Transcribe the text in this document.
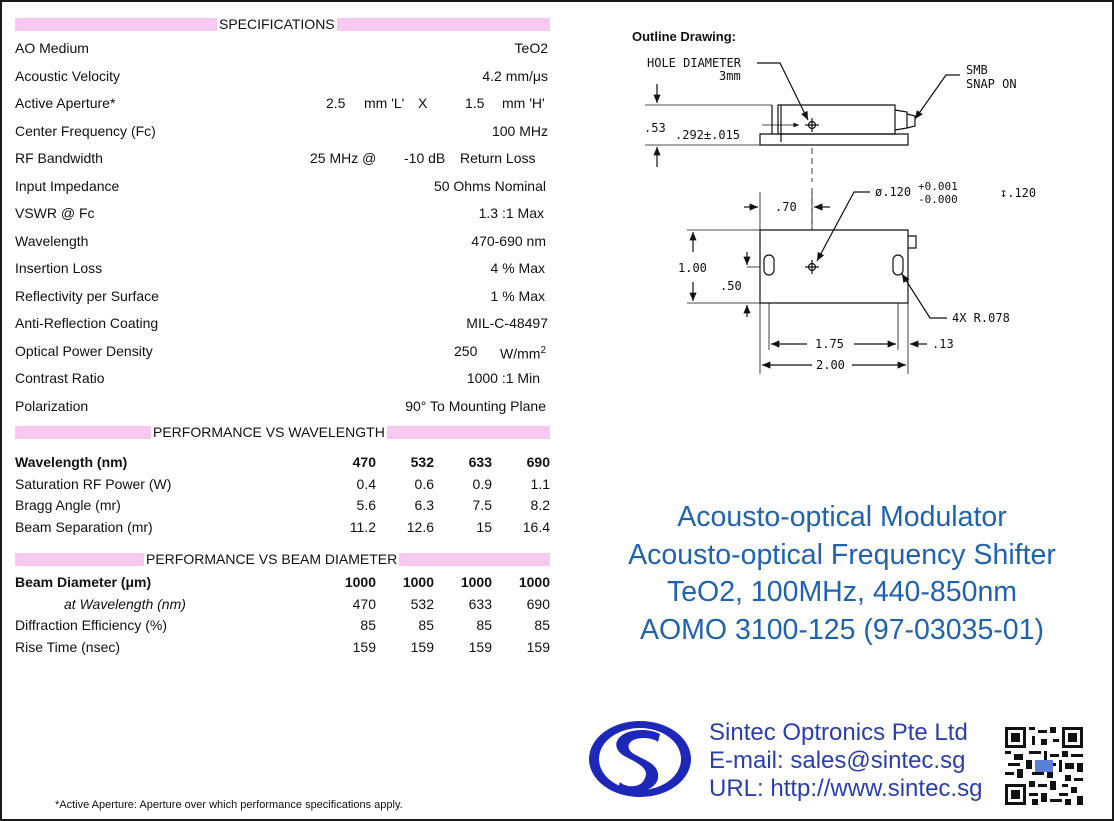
SPECIFICATIONS
AO Medium	TeO2
Acoustic Velocity	4.2 mm/μs
Active Aperture*	2.5 mm 'L' X	1.5 mm 'H'
Center Frequency (Fc)	100 MHz
RF Bandwidth	25 MHz @ -10 dB Return Loss
Input Impedance	50 Ohms Nominal
VSWR @ Fc	1.3 :1 Max
Wavelength	470-690 nm
Insertion Loss	4 % Max
Reflectivity per Surface	1 % Max
Anti-Reflection Coating	MIL-C-48497
Optical Power Density	250 $W/mm^2$
Contrast Ratio	1000 :1 Min
Polarization	90° To Mounting Plane
PERFORMANCE VS WAVELENGTH
Wavelength (nm)	470	532	633	690
Saturation RF Power (W)	0.4	0.6	0.9	1.1
Bragg Angle (mr)	5.6	6.3	7.5	8.2
Beam Separation (mr)	11.2	12.6	15	16.4
PERFORMANCE VS BEAM DIAMETER
Beam Diameter (μm)	1000	1000	1000	1000
at Wavelength (nm)	470	532	633	690
Diffraction Efficiency (%)	85	85	85	85
Rise Time (nsec)	159	159	159	159
*Active Aperture: Aperture over which performance specifications apply.
Outline Drawing:
HOLE DIAMETER
3mm	SMB
SNAP ON
.53 .292±.015
.70
ø.120 +0.001
-0.000	↧.120
1.00
.50
4X R.078
1.75	.13
2.00
Acousto-optical Modulator
Acousto-optical Frequency Shifter
TeO2, 100MHz, 440-850nm
AOMO 3100-125 (97-03035-01)
Sintec Optronics Pte Ltd
E-mail: sales@sintec.sg
URL: http://www.sintec.sg
